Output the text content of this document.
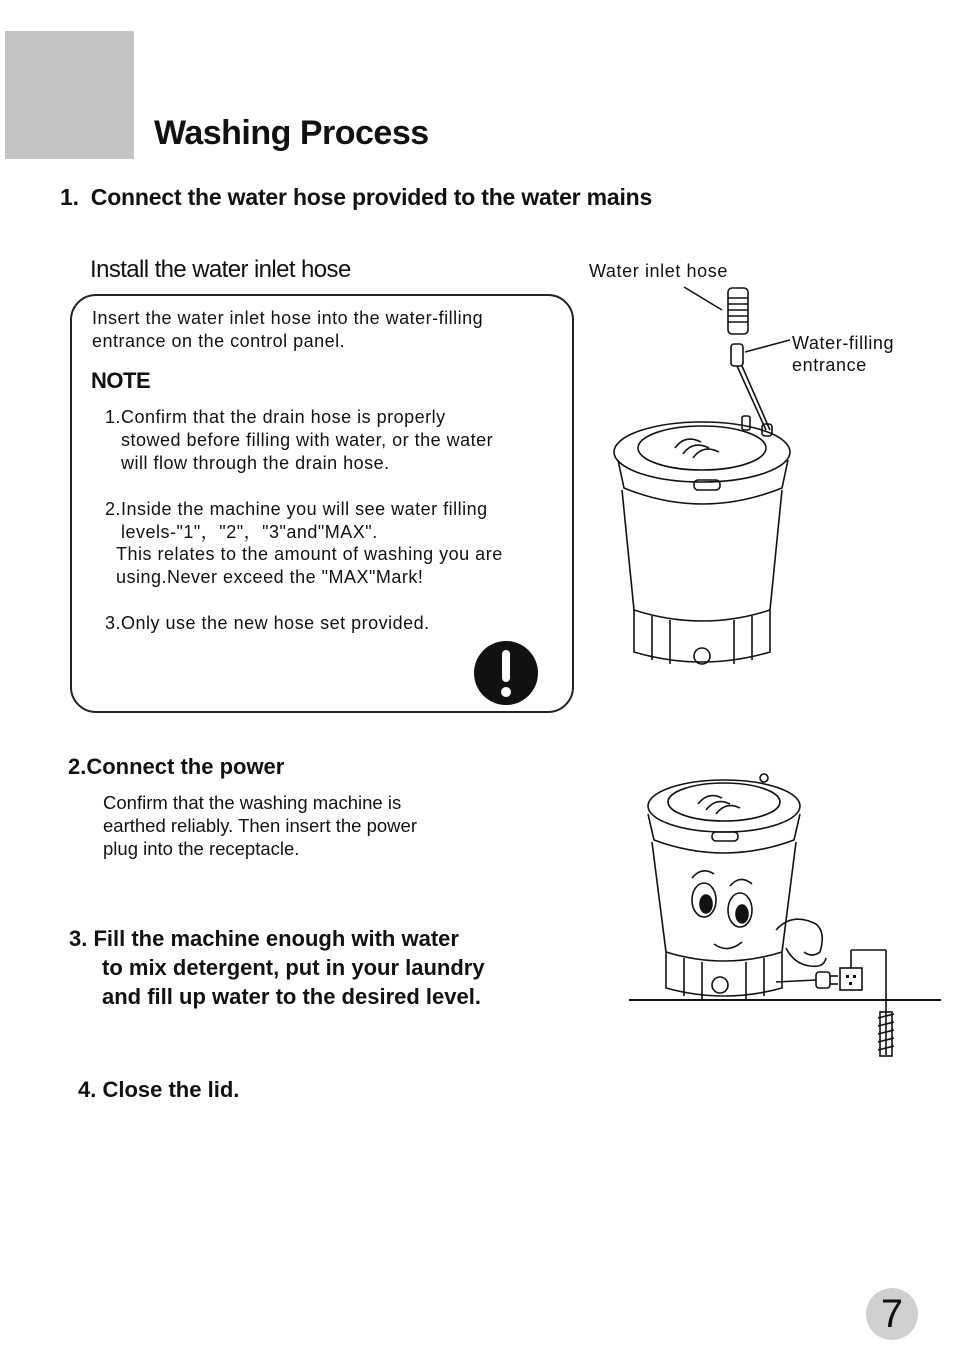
Washing Process
1. Connect the water hose provided to the water mains
Install the water inlet hose
Insert the water inlet hose into the water-filling
entrance on the control panel.
NOTE
1.Confirm that the drain hose is properly
stowed before filling with water, or the water
will flow through the drain hose.
2.Inside the machine you will see water filling
levels-"1"，"2"，"3"and"MAX".
This relates to the amount of washing you are
using.Never exceed the "MAX"Mark!
3.Only use the new hose set provided.
Water inlet hose
Water-filling
entrance
2.Connect the power
Confirm that the washing machine is
earthed reliably. Then insert the power
plug into the receptacle.
3. Fill the machine enough with water
to mix detergent, put in your laundry
and fill up water to the desired level.
4. Close the lid.
7
